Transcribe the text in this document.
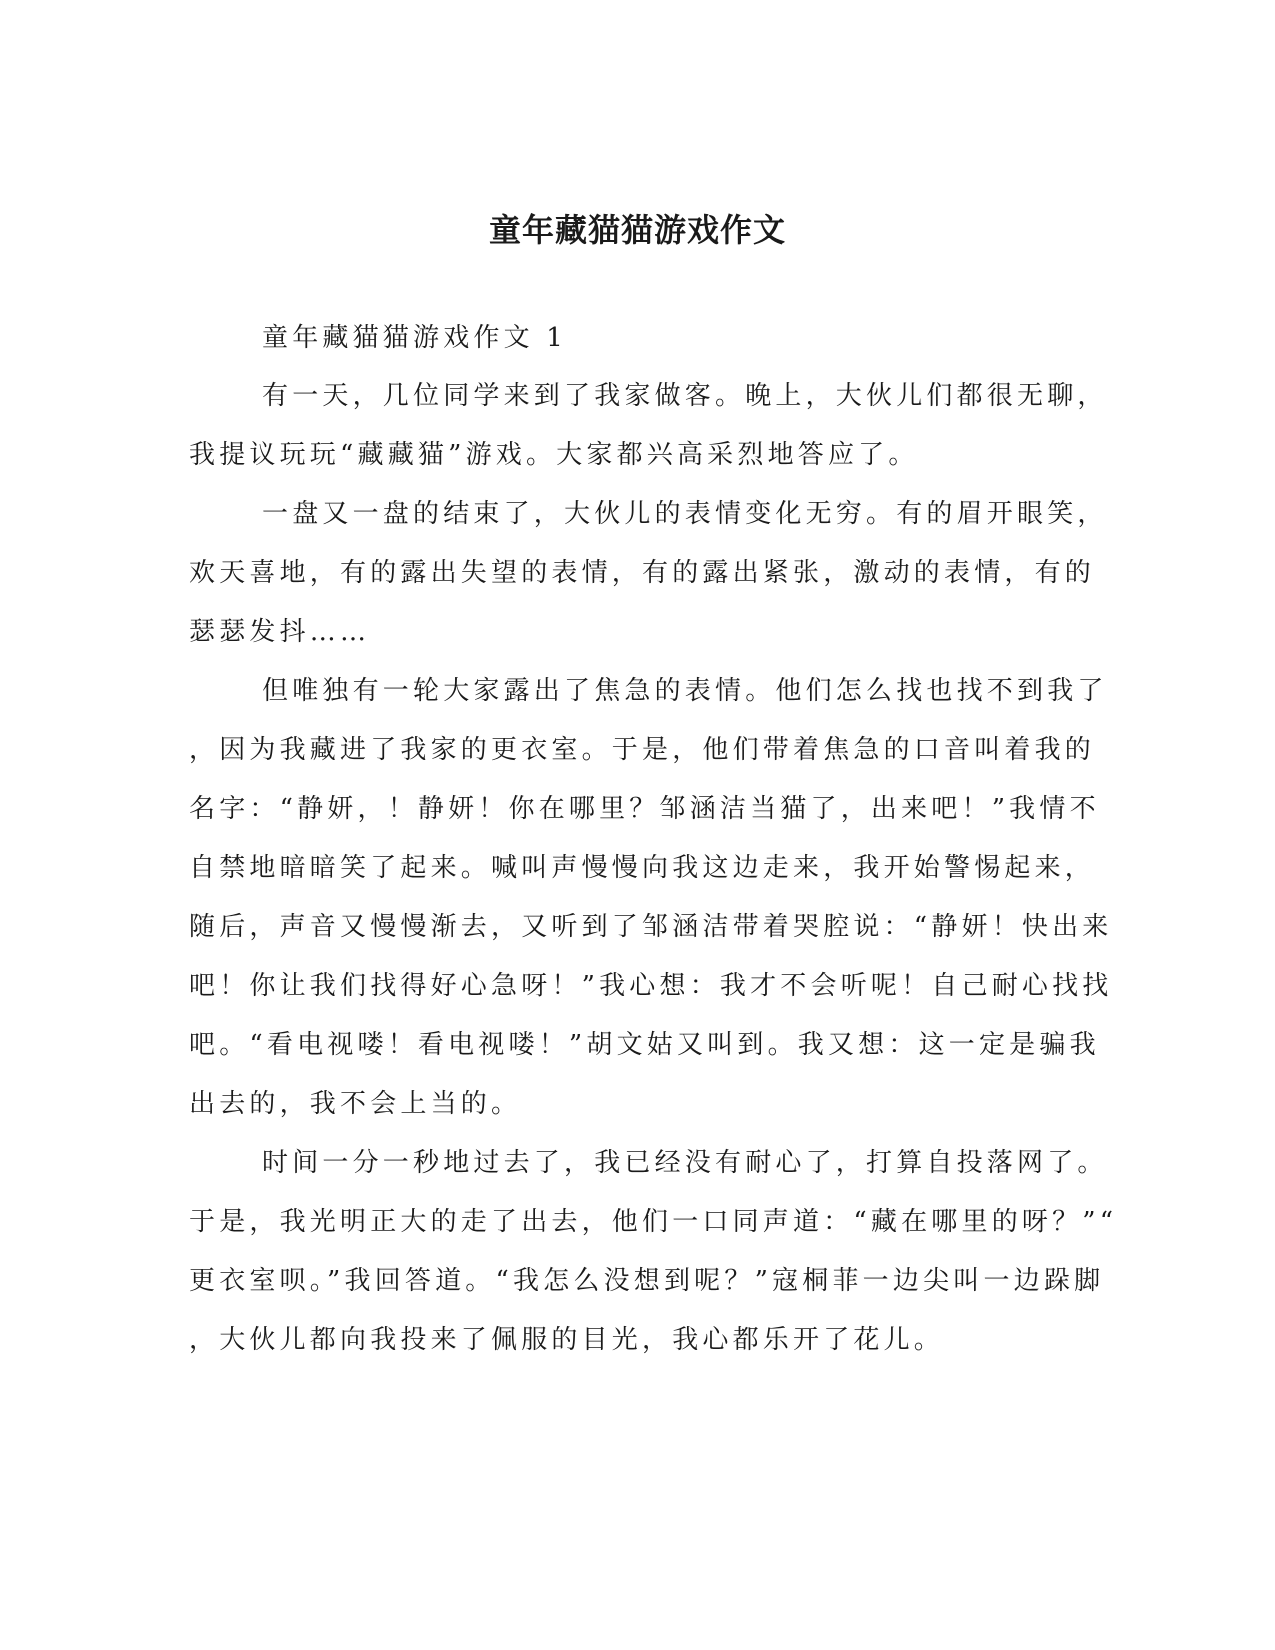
童年藏猫猫游戏作文

童年藏猫猫游戏作文 1

有一天，几位同学来到了我家做客。晚上，大伙儿们都很无聊，

我提议玩玩“藏藏猫”游戏。大家都兴高采烈地答应了。

一盘又一盘的结束了，大伙儿的表情变化无穷。有的眉开眼笑，

欢天喜地，有的露出失望的表情，有的露出紧张，激动的表情，有的

瑟瑟发抖……

但唯独有一轮大家露出了焦急的表情。他们怎么找也找不到我了

，因为我藏进了我家的更衣室。于是，他们带着焦急的口音叫着我的

名字：“静妍，！静妍！你在哪里？邹涵洁当猫了，出来吧！”我情不

自禁地暗暗笑了起来。喊叫声慢慢向我这边走来，我开始警惕起来，

随后，声音又慢慢渐去，又听到了邹涵洁带着哭腔说：“静妍！快出来

吧！你让我们找得好心急呀！”我心想：我才不会听呢！自己耐心找找

吧。“看电视喽！看电视喽！”胡文姑又叫到。我又想：这一定是骗我

出去的，我不会上当的。

时间一分一秒地过去了，我已经没有耐心了，打算自投落网了。

于是，我光明正大的走了出去，他们一口同声道：“藏在哪里的呀？”“

更衣室呗。”我回答道。“我怎么没想到呢？”寇桐菲一边尖叫一边跺脚

，大伙儿都向我投来了佩服的目光，我心都乐开了花儿。
